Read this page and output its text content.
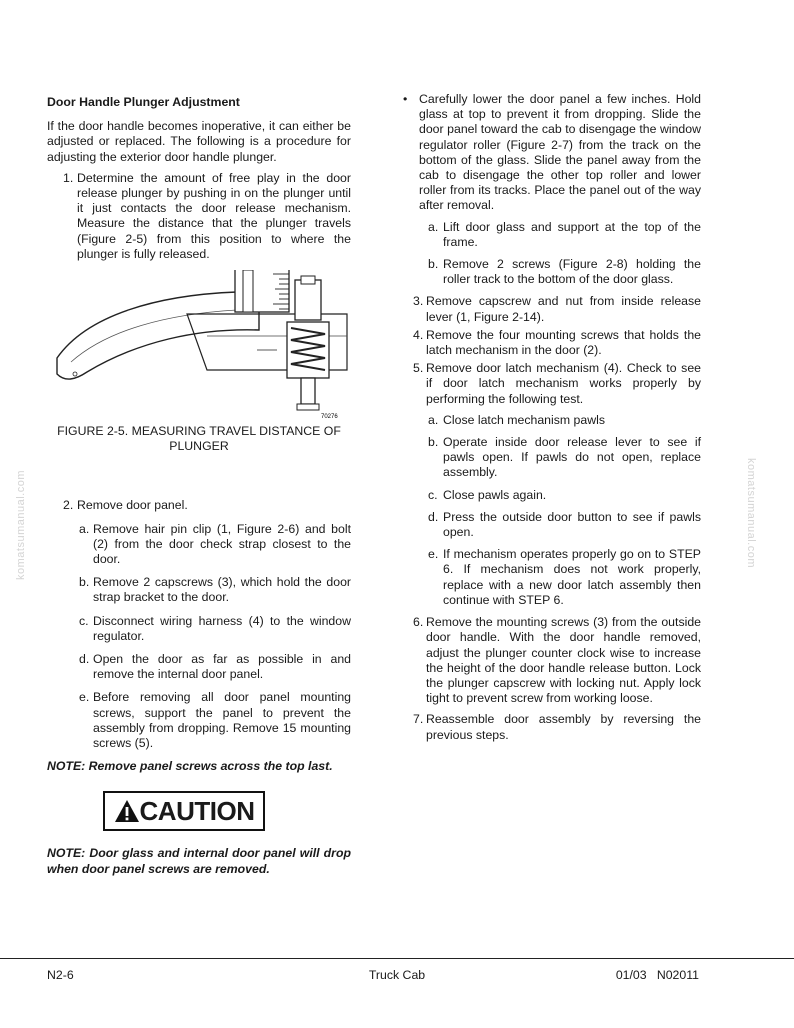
Door Handle Plunger Adjustment
If the door handle becomes inoperative, it can either be adjusted or replaced. The following is a procedure for adjusting the exterior door handle plunger.
1. Determine the amount of free play in the door release plunger by pushing in on the plunger until it just contacts the door release mechanism. Measure the distance that the plunger travels (Figure 2-5) from this position to where the plunger is fully released.
70276
FIGURE 2-5. MEASURING TRAVEL DISTANCE OF
PLUNGER
2. Remove door panel.
a. Remove hair pin clip (1, Figure 2-6) and bolt (2) from the door check strap closest to the door.
b. Remove 2 capscrews (3), which hold the door strap bracket to the door.
c. Disconnect wiring harness (4) to the window regulator.
d. Open the door as far as possible in and remove the internal door panel.
e. Before removing all door panel mounting screws, support the panel to prevent the assembly from dropping. Remove 15 mounting screws (5).
NOTE: Remove panel screws across the top last.
CAUTION
NOTE: Door glass and internal door panel will drop when door panel screws are removed.
• Carefully lower the door panel a few inches. Hold glass at top to prevent it from dropping. Slide the door panel toward the cab to disengage the window regulator roller (Figure 2-7) from the track on the bottom of the glass. Slide the panel away from the cab to disengage the other top roller and lower roller from its tracks. Place the panel out of the way after removal.
a. Lift door glass and support at the top of the frame.
b. Remove 2 screws (Figure 2-8) holding the roller track to the bottom of the door glass.
3. Remove capscrew and nut from inside release lever (1, Figure 2-14).
4. Remove the four mounting screws that holds the latch mechanism in the door (2).
5. Remove door latch mechanism (4). Check to see if door latch mechanism works properly by performing the following test.
a. Close latch mechanism pawls
b. Operate inside door release lever to see if pawls open. If pawls do not open, replace assembly.
c. Close pawls again.
d. Press the outside door button to see if pawls open.
e. If mechanism operates properly go on to STEP 6. If mechanism does not work properly, replace with a new door latch assembly then continue with STEP 6.
6. Remove the mounting screws (3) from the outside door handle. With the door handle removed, adjust the plunger counter clock wise to increase the height of the door handle release button. Lock the plunger capscrew with locking nut. Apply lock tight to prevent screw from working loose.
7. Reassemble door assembly by reversing the previous steps.
komatsumanual.com	komatsumanual.com
N2-6	Truck Cab	01/03   N02011
